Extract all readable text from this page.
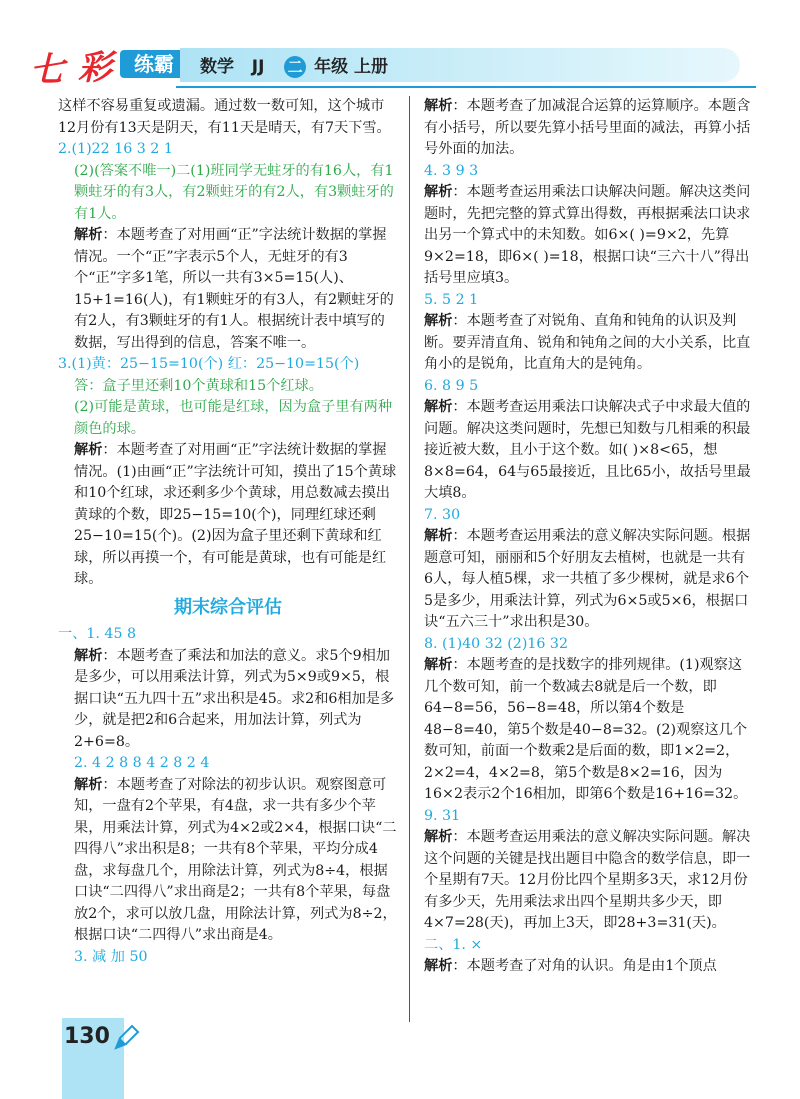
七 彩	练霸	数学 JJ 二 年级 上册

这样不容易重复或遗漏。通过数一数可知，这个城市12月份有13天是阴天，有11天是晴天，有7天下雪。

2.(1)22 16 3 2 1

(2)(答案不唯一)二(1)班同学无蛀牙的有16人，有1颗蛀牙的有3人，有2颗蛀牙的有2人，有3颗蛀牙的有1人。

解析：本题考查了对用画“正”字法统计数据的掌握情况。一个“正”字表示5个人，无蛀牙的有3个“正”字多1笔，所以一共有3×5=15(人)、15+1=16(人)，有1颗蛀牙的有3人，有2颗蛀牙的有2人，有3颗蛀牙的有1人。根据统计表中填写的数据，写出得到的信息，答案不唯一。

3.(1)黄：25−15=10(个) 红：25−10=15(个)

答：盒子里还剩10个黄球和15个红球。

(2)可能是黄球，也可能是红球，因为盒子里有两种颜色的球。

解析：本题考查了对用画“正”字法统计数据的掌握情况。(1)由画“正”字法统计可知，摸出了15个黄球和10个红球，求还剩多少个黄球，用总数减去摸出黄球的个数，即25−15=10(个)，同理红球还剩25−10=15(个)。(2)因为盒子里还剩下黄球和红球，所以再摸一个，有可能是黄球，也有可能是红球。

期末综合评估

一、1. 45 8

解析：本题考查了乘法和加法的意义。求5个9相加是多少，可以用乘法计算，列式为5×9或9×5，根据口诀“五九四十五”求出积是45。求2和6相加是多少，就是把2和6合起来，用加法计算，列式为2+6=8。

2. 4 2 8 8 4 2 8 2 4

解析：本题考查了对除法的初步认识。观察图意可知，一盘有2个苹果，有4盘，求一共有多少个苹果，用乘法计算，列式为4×2或2×4，根据口诀“二四得八”求出积是8；一共有8个苹果，平均分成4盘，求每盘几个，用除法计算，列式为8÷4，根据口诀“二四得八”求出商是2；一共有8个苹果，每盘放2个，求可以放几盘，用除法计算，列式为8÷2，根据口诀“二四得八”求出商是4。

3. 减 加 50

解析：本题考查了加减混合运算的运算顺序。本题含有小括号，所以要先算小括号里面的减法，再算小括号外面的加法。

4. 3 9 3

解析：本题考查运用乘法口诀解决问题。解决这类问题时，先把完整的算式算出得数，再根据乘法口诀求出另一个算式中的未知数。如6×( )=9×2，先算9×2=18，即6×( )=18，根据口诀“三六十八”得出括号里应填3。

5. 5 2 1

解析：本题考查了对锐角、直角和钝角的认识及判断。要弄清直角、锐角和钝角之间的大小关系，比直角小的是锐角，比直角大的是钝角。

6. 8 9 5

解析：本题考查运用乘法口诀解决式子中求最大值的问题。解决这类问题时，先想已知数与几相乘的积最接近被大数，且小于这个数。如( )×8<65，想8×8=64，64与65最接近，且比65小，故括号里最大填8。

7. 30

解析：本题考查运用乘法的意义解决实际问题。根据题意可知，丽丽和5个好朋友去植树，也就是一共有6人，每人植5棵，求一共植了多少棵树，就是求6个5是多少，用乘法计算，列式为6×5或5×6，根据口诀“五六三十”求出积是30。

8. (1)40 32 (2)16 32

解析：本题考查的是找数字的排列规律。(1)观察这几个数可知，前一个数减去8就是后一个数，即64−8=56，56−8=48，所以第4个数是48−8=40，第5个数是40−8=32。(2)观察这几个数可知，前面一个数乘2是后面的数，即1×2=2，2×2=4，4×2=8，第5个数是8×2=16，因为16×2表示2个16相加，即第6个数是16+16=32。

9. 31

解析：本题考查运用乘法的意义解决实际问题。解决这个问题的关键是找出题目中隐含的数学信息，即一个星期有7天。12月份比四个星期多3天，求12月份有多少天，先用乘法求出四个星期共多少天，即4×7=28(天)，再加上3天，即28+3=31(天)。

二、1. ×

解析：本题考查了对角的认识。角是由1个顶点

130
